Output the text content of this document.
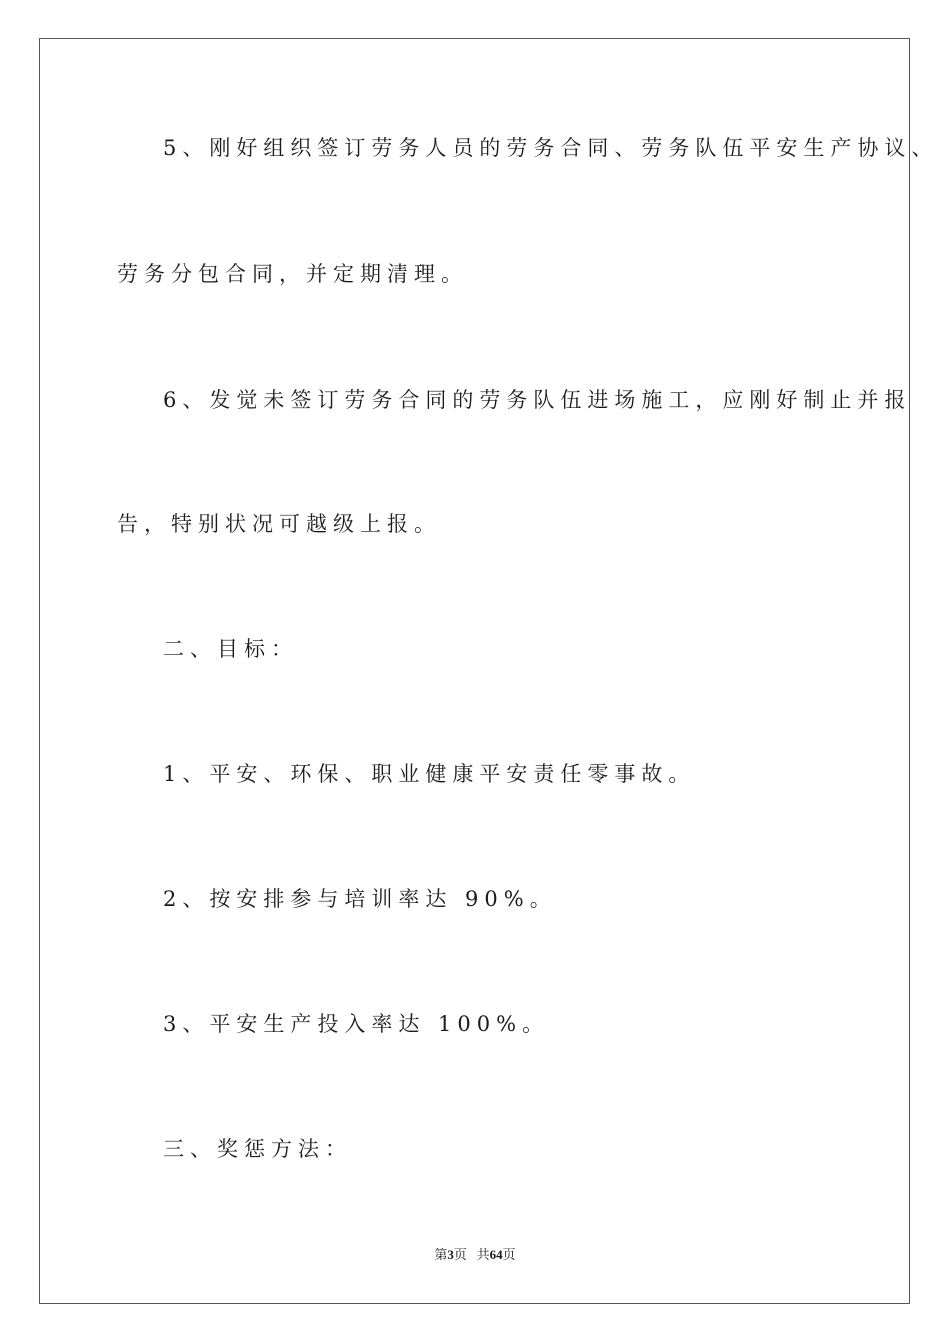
5、刚好组织签订劳务人员的劳务合同、劳务队伍平安生产协议、
劳务分包合同，并定期清理。
6、发觉未签订劳务合同的劳务队伍进场施工，应刚好制止并报
告，特别状况可越级上报。
二、目标：
1、平安、环保、职业健康平安责任零事故。
2、按安排参与培训率达 90%。
3、平安生产投入率达 100%。
三、奖惩方法：
第3页 共64页
